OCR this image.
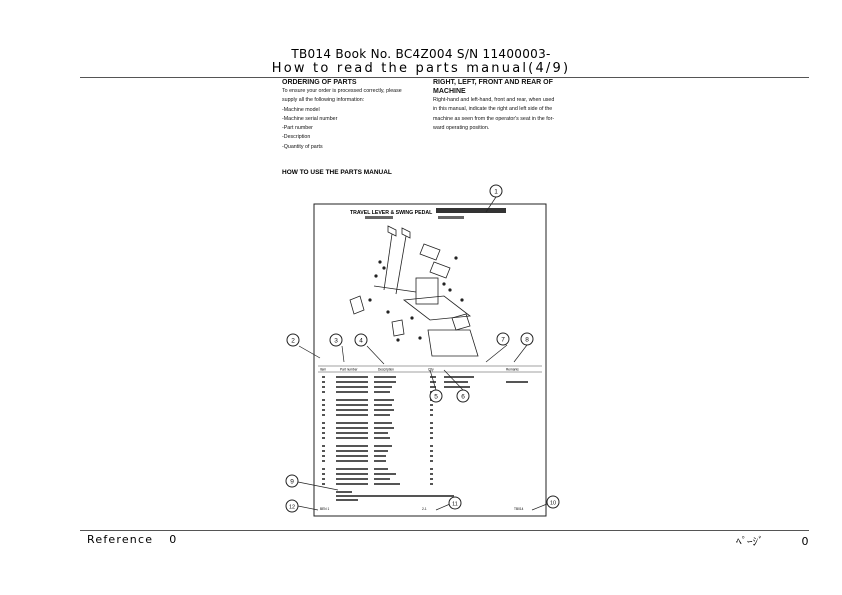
TB014 Book No. BC4Z004 S/N 11400003-
How to read the parts manual(4/9)
ORDERING OF PARTS
To ensure your order is processed correctly, please
supply all the following information:
-Machine model
-Machine serial number
-Part number
-Description
-Quantity of parts
RIGHT, LEFT, FRONT AND REAR OF
MACHINE
Right-hand and left-hand, front and rear, when used
in this manual, indicate the right and left side of the
machine as seen from the operator's seat in the for-
ward operating position.
HOW TO USE THE PARTS MANUAL
TRAVEL LEVER & SWING PEDAL
Item	Part number	Description	Q'ty	Remarks
BEN 1	2-1	TB014
1
2	3	4
5	6
7	8
9
10
11
12
Reference 0	ﾍﾟｰｼﾞ	0
